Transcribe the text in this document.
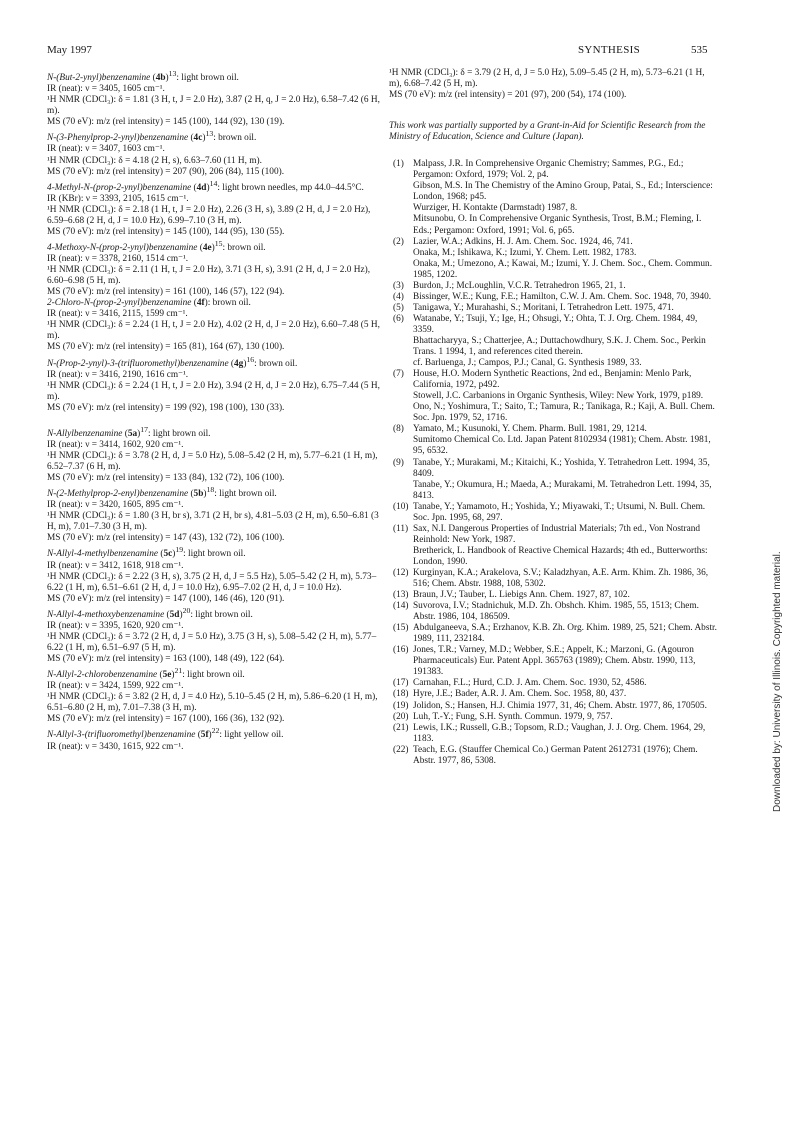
May 1997	SYNTHESIS	535

N-(But-2-ynyl)benzenamine $(4b)^{13}$: light brown oil.

IR (neat): ν = 3405, 1605 cm⁻¹.

¹H NMR (CDCl₃): δ = 1.81 (3 H, t, J = 2.0 Hz), 3.87 (2 H, q, J = 2.0 Hz), 6.58–7.42 (6 H, m).

MS (70 eV): m/z (rel intensity) = 145 (100), 144 (92), 130 (19).

N-(3-Phenylprop-2-ynyl)benzenamine $(4c)^{13}$: brown oil.

IR (neat): ν = 3407, 1603 cm⁻¹.

¹H NMR (CDCl₃): δ = 4.18 (2 H, s), 6.63–7.60 (11 H, m).

MS (70 eV): m/z (rel intensity) = 207 (90), 206 (84), 115 (100).

4-Methyl-N-(prop-2-ynyl)benzenamine $(4d)^{14}$: light brown needles, mp 44.0–44.5°C.

IR (KBr): ν = 3393, 2105, 1615 cm⁻¹.

¹H NMR (CDCl₃): δ = 2.18 (1 H, t, J = 2.0 Hz), 2.26 (3 H, s), 3.89 (2 H, d, J = 2.0 Hz), 6.59–6.68 (2 H, d, J = 10.0 Hz), 6.99–7.10 (3 H, m).

MS (70 eV): m/z (rel intensity) = 145 (100), 144 (95), 130 (55).

4-Methoxy-N-(prop-2-ynyl)benzenamine $(4e)^{15}$: brown oil.

IR (neat): ν = 3378, 2160, 1514 cm⁻¹.

¹H NMR (CDCl₃): δ = 2.11 (1 H, t, J = 2.0 Hz), 3.71 (3 H, s), 3.91 (2 H, d, J = 2.0 Hz), 6.60–6.98 (5 H, m).

MS (70 eV): m/z (rel intensity) = 161 (100), 146 (57), 122 (94).

2-Chloro-N-(prop-2-ynyl)benzenamine (4f): brown oil.

IR (neat): ν = 3416, 2115, 1599 cm⁻¹.

¹H NMR (CDCl₃): δ = 2.24 (1 H, t, J = 2.0 Hz), 4.02 (2 H, d, J = 2.0 Hz), 6.60–7.48 (5 H, m).

MS (70 eV): m/z (rel intensity) = 165 (81), 164 (67), 130 (100).

N-(Prop-2-ynyl)-3-(trifluoromethyl)benzenamine $(4g)^{16}$: brown oil.

IR (neat): ν = 3416, 2190, 1616 cm⁻¹.

¹H NMR (CDCl₃): δ = 2.24 (1 H, t, J = 2.0 Hz), 3.94 (2 H, d, J = 2.0 Hz), 6.75–7.44 (5 H, m).

MS (70 eV): m/z (rel intensity) = 199 (92), 198 (100), 130 (33).

N-Allylbenzenamine $(5a)^{17}$: light brown oil.

IR (neat): ν = 3414, 1602, 920 cm⁻¹.

¹H NMR (CDCl₃): δ = 3.78 (2 H, d, J = 5.0 Hz), 5.08–5.42 (2 H, m), 5.77–6.21 (1 H, m), 6.52–7.37 (6 H, m).

MS (70 eV): m/z (rel intensity) = 133 (84), 132 (72), 106 (100).

N-(2-Methylprop-2-enyl)benzenamine $(5b)^{18}$: light brown oil.

IR (neat): ν = 3420, 1605, 895 cm⁻¹.

¹H NMR (CDCl₃): δ = 1.80 (3 H, br s), 3.71 (2 H, br s), 4.81–5.03 (2 H, m), 6.50–6.81 (3 H, m), 7.01–7.30 (3 H, m).

MS (70 eV): m/z (rel intensity) = 147 (43), 132 (72), 106 (100).

N-Allyl-4-methylbenzenamine $(5c)^{19}$: light brown oil.

IR (neat): ν = 3412, 1618, 918 cm⁻¹.

¹H NMR (CDCl₃): δ = 2.22 (3 H, s), 3.75 (2 H, d, J = 5.5 Hz), 5.05–5.42 (2 H, m), 5.73–6.22 (1 H, m), 6.51–6.61 (2 H, d, J = 10.0 Hz), 6.95–7.02 (2 H, d, J = 10.0 Hz).

MS (70 eV): m/z (rel intensity) = 147 (100), 146 (46), 120 (91).

N-Allyl-4-methoxybenzenamine $(5d)^{20}$: light brown oil.

IR (neat): ν = 3395, 1620, 920 cm⁻¹.

¹H NMR (CDCl₃): δ = 3.72 (2 H, d, J = 5.0 Hz), 3.75 (3 H, s), 5.08–5.42 (2 H, m), 5.77–6.22 (1 H, m), 6.51–6.97 (5 H, m).

MS (70 eV): m/z (rel intensity) = 163 (100), 148 (49), 122 (64).

N-Allyl-2-chlorobenzenamine $(5e)^{21}$: light brown oil.

IR (neat): ν = 3424, 1599, 922 cm⁻¹.

¹H NMR (CDCl₃): δ = 3.82 (2 H, d, J = 4.0 Hz), 5.10–5.45 (2 H, m), 5.86–6.20 (1 H, m), 6.51–6.80 (2 H, m), 7.01–7.38 (3 H, m).

MS (70 eV): m/z (rel intensity) = 167 (100), 166 (36), 132 (92).

N-Allyl-3-(trifluoromethyl)benzenamine $(5f)^{22}$: light yellow oil.

IR (neat): ν = 3430, 1615, 922 cm⁻¹.

¹H NMR (CDCl₃): δ = 3.79 (2 H, d, J = 5.0 Hz), 5.09–5.45 (2 H, m), 5.73–6.21 (1 H, m), 6.68–7.42 (5 H, m).

MS (70 eV): m/z (rel intensity) = 201 (97), 200 (54), 174 (100).

This work was partially supported by a Grant-in-Aid for Scientific Research from the Ministry of Education, Science and Culture (Japan).

(1) Malpass, J.R. In Comprehensive Organic Chemistry; Sammes, P.G., Ed.; Pergamon: Oxford, 1979; Vol. 2, p4.
Gibson, M.S. In The Chemistry of the Amino Group, Patai, S., Ed.; Interscience: London, 1968; p45.
Wurziger, H. Kontakte (Darmstadt) 1987, 8.
Mitsunobu, O. In Comprehensive Organic Synthesis, Trost, B.M.; Fleming, I. Eds.; Pergamon: Oxford, 1991; Vol. 6, p65.
(2) Lazier, W.A.; Adkins, H. J. Am. Chem. Soc. 1924, 46, 741.
Onaka, M.; Ishikawa, K.; Izumi, Y. Chem. Lett. 1982, 1783.
Onaka, M.; Umezono, A.; Kawai, M.; Izumi, Y. J. Chem. Soc., Chem. Commun. 1985, 1202.
(3) Burdon, J.; McLoughlin, V.C.R. Tetrahedron 1965, 21, 1.
(4) Bissinger, W.E.; Kung, F.E.; Hamilton, C.W. J. Am. Chem. Soc. 1948, 70, 3940.
(5) Tanigawa, Y.; Murahashi, S.; Moritani, I. Tetrahedron Lett. 1975, 471.
(6) Watanabe, Y.; Tsuji, Y.; Ige, H.; Ohsugi, Y.; Ohta, T. J. Org. Chem. 1984, 49, 3359.
Bhattacharyya, S.; Chatterjee, A.; Duttachowdhury, S.K. J. Chem. Soc., Perkin Trans. 1 1994, 1, and references cited therein.
cf. Barluenga, J.; Campos, P.J.; Canal, G. Synthesis 1989, 33.
(7) House, H.O. Modern Synthetic Reactions, 2nd ed., Benjamin: Menlo Park, California, 1972, p492.
Stowell, J.C. Carbanions in Organic Synthesis, Wiley: New York, 1979, p189.
Ono, N.; Yoshimura, T.; Saito, T.; Tamura, R.; Tanikaga, R.; Kaji, A. Bull. Chem. Soc. Jpn. 1979, 52, 1716.
(8) Yamato, M.; Kusunoki, Y. Chem. Pharm. Bull. 1981, 29, 1214.
Sumitomo Chemical Co. Ltd. Japan Patent 8102934 (1981); Chem. Abstr. 1981, 95, 6532.
(9) Tanabe, Y.; Murakami, M.; Kitaichi, K.; Yoshida, Y. Tetrahedron Lett. 1994, 35, 8409.
Tanabe, Y.; Okumura, H.; Maeda, A.; Murakami, M. Tetrahedron Lett. 1994, 35, 8413.
(10) Tanabe, Y.; Yamamoto, H.; Yoshida, Y.; Miyawaki, T.; Utsumi, N. Bull. Chem. Soc. Jpn. 1995, 68, 297.
(11) Sax, N.I. Dangerous Properties of Industrial Materials; 7th ed., Von Nostrand Reinhold: New York, 1987.
Bretherick, L. Handbook of Reactive Chemical Hazards; 4th ed., Butterworths: London, 1990.
(12) Kurginyan, K.A.; Arakelova, S.V.; Kaladzhyan, A.E. Arm. Khim. Zh. 1986, 36, 516; Chem. Abstr. 1988, 108, 5302.
(13) Braun, J.V.; Tauber, L. Liebigs Ann. Chem. 1927, 87, 102.
(14) Suvorova, I.V.; Stadnichuk, M.D. Zh. Obshch. Khim. 1985, 55, 1513; Chem. Abstr. 1986, 104, 186509.
(15) Abdulganeeva, S.A.; Erzhanov, K.B. Zh. Org. Khim. 1989, 25, 521; Chem. Abstr. 1989, 111, 232184.
(16) Jones, T.R.; Varney, M.D.; Webber, S.E.; Appelt, K.; Marzoni, G. (Agouron Pharmaceuticals) Eur. Patent Appl. 365763 (1989); Chem. Abstr. 1990, 113, 191383.
(17) Carnahan, F.L.; Hurd, C.D. J. Am. Chem. Soc. 1930, 52, 4586.
(18) Hyre, J.E.; Bader, A.R. J. Am. Chem. Soc. 1958, 80, 437.
(19) Jolidon, S.; Hansen, H.J. Chimia 1977, 31, 46; Chem. Abstr. 1977, 86, 170505.
(20) Luh, T.-Y.; Fung, S.H. Synth. Commun. 1979, 9, 757.
(21) Lewis, I.K.; Russell, G.B.; Topsom, R.D.; Vaughan, J. J. Org. Chem. 1964, 29, 1183.
(22) Teach, E.G. (Stauffer Chemical Co.) German Patent 2612731 (1976); Chem. Abstr. 1977, 86, 5308.	Downloaded by: University of Illinois. Copyrighted material.
